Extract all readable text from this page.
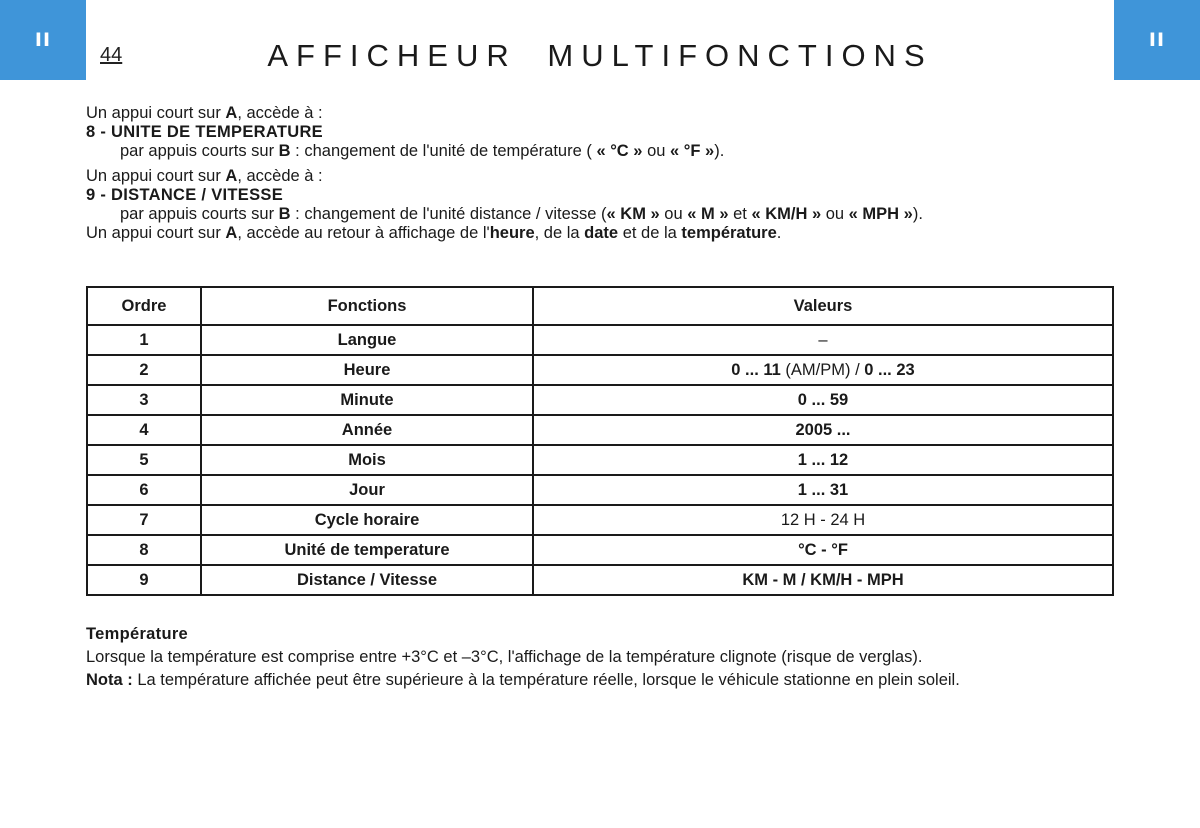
II	II
44	AFFICHEUR MULTIFONCTIONS

Un appui court sur A, accède à :

8 - UNITE DE TEMPERATURE

par appuis courts sur B : changement de l'unité de température ( « °C » ou « °F »).

Un appui court sur A, accède à :

9 - DISTANCE / VITESSE

par appuis courts sur B : changement de l'unité distance / vitesse (« KM » ou « M » et « KM/H » ou « MPH »).

Un appui court sur A, accède au retour à affichage de l'heure, de la date et de la température.

Ordre	Fonctions	Valeurs
1	Langue	–
2	Heure	0 ... 11 (AM/PM) / 0 ... 23
3	Minute	0 ... 59
4	Année	2005 ...
5	Mois	1 ... 12
6	Jour	1 ... 31
7	Cycle horaire	12 H - 24 H
8	Unité de temperature	°C - °F
9	Distance / Vitesse	KM - M / KM/H - MPH

Température

Lorsque la température est comprise entre +3°C et –3°C, l'affichage de la température clignote (risque de verglas).

Nota : La température affichée peut être supérieure à la température réelle, lorsque le véhicule stationne en plein soleil.
